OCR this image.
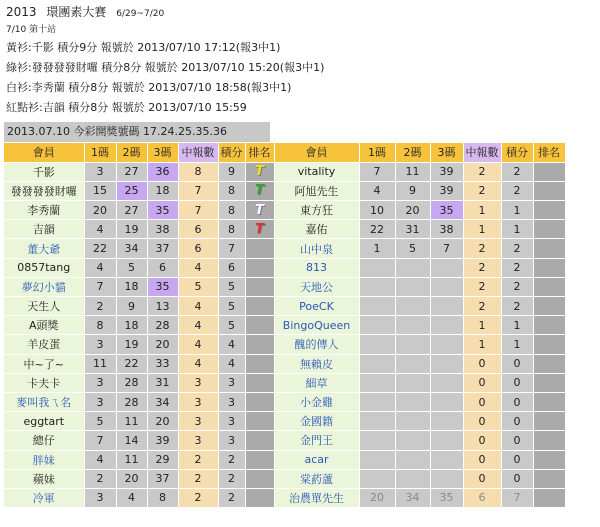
2013 環團素大賽 6/29~7/20
7/10 第十站
黃衫:千影 積分9分 報號於 2013/07/10 17:12(報3中1)
綠衫:發發發發財囉 積分8分 報號於 2013/07/10 15:20(報3中1)
白衫:李秀蘭 積分8分 報號於 2013/07/10 18:58(報3中1)
紅點衫:吉韻 積分8分 報號於 2013/07/10 15:59
2013.07.10 今彩開獎號碼 17.24.25.35.36
會員	1碼	2碼	3碼	中報數	積分	排名	會員	1碼	2碼	3碼	中報數	積分	排名
千影	3	27	36	8	9	T	vitality	7	11	39	2	2	
發發發發財囉	15	25	18	7	8	T	阿旭先生	4	9	39	2	2	
李秀蘭	20	27	35	7	8	T	東方狂	10	20	35	1	1	
吉韻	4	19	38	6	8	T	嘉佑	22	31	38	1	1	
董大爺	22	34	37	6	7		山中泉	1	5	7	2	2	
0857tang	4	5	6	4	6		813				2	2	
夢幻小貓	7	18	35	5	5		天地公				2	2	
天生人	2	9	13	4	5		PoeCK				2	2	
A頭獎	8	18	28	4	5		BingoQueen				1	1	
羊皮蛋	3	19	20	4	4		醜的傳人				1	1	
中~了~	11	22	33	4	4		無賴皮				0	0	
卡夫卡	3	28	31	3	3		細草				0	0	
麥叫我ㄟ名	3	28	34	3	3		小金雞				0	0	
eggtart	5	11	20	3	3		金國籍				0	0	
總仔	7	14	39	3	3		金門王				0	0	
胖妹	4	11	29	2	2		acar				0	0	
蘋妹	2	20	37	2	2		棠葯蘆				0	0	
冷軍	3	4	8	2	2		治農單先生	20	34	35	6	7	
